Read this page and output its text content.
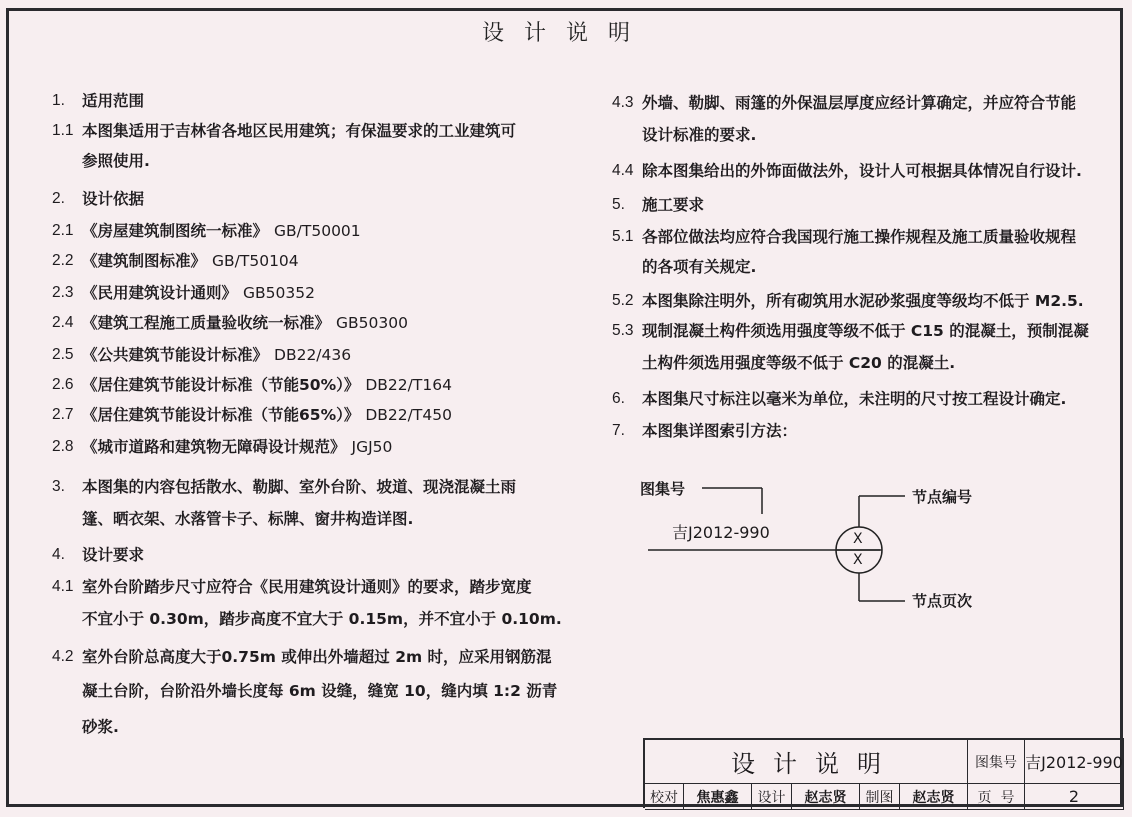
设计说明
1.	适用范围
1.1 本图集适用于吉林省各地区民用建筑；有保温要求的工业建筑可
参照使用.
2.	设计依据
2.1 《房屋建筑制图统一标准》 GB/T50001
2.2 《建筑制图标准》 GB/T50104
2.3 《民用建筑设计通则》 GB50352
2.4 《建筑工程施工质量验收统一标准》 GB50300
2.5 《公共建筑节能设计标准》 DB22/436
2.6 《居住建筑节能设计标准（节能50%）》 DB22/T164
2.7 《居住建筑节能设计标准（节能65%）》 DB22/T450
2.8 《城市道路和建筑物无障碍设计规范》 JGJ50
3.	本图集的内容包括散水、勒脚、室外台阶、坡道、现浇混凝土雨
篷、晒衣架、水落管卡子、标牌、窗井构造详图.
4.	设计要求
4.1 室外台阶踏步尺寸应符合《民用建筑设计通则》的要求，踏步宽度
不宜小于 0.30m，踏步高度不宜大于 0.15m，并不宜小于 0.10m.
4.2 室外台阶总高度大于0.75m 或伸出外墙超过 2m 时，应采用钢筋混
凝土台阶，台阶沿外墙长度每 6m 设缝，缝宽 10，缝内填 1:2 沥青
砂浆.
4.3 外墙、勒脚、雨篷的外保温层厚度应经计算确定，并应符合节能
设计标准的要求.
4.4 除本图集给出的外饰面做法外，设计人可根据具体情况自行设计.
5.	施工要求
5.1 各部位做法均应符合我国现行施工操作规程及施工质量验收规程
的各项有关规定.
5.2 本图集除注明外，所有砌筑用水泥砂浆强度等级均不低于 M2.5.
5.3 现制混凝土构件须选用强度等级不低于 C15 的混凝土，预制混凝
土构件须选用强度等级不低于 C20 的混凝土.
6.	本图集尺寸标注以毫米为单位，未注明的尺寸按工程设计确定.
7.	本图集详图索引方法：
图集号
吉J2012-990	X
X
节点编号
节点页次
设计说明	图集号 吉J2012-990
校对	焦惠鑫	设计	赵志贤	制图	赵志贤	页  号	2
